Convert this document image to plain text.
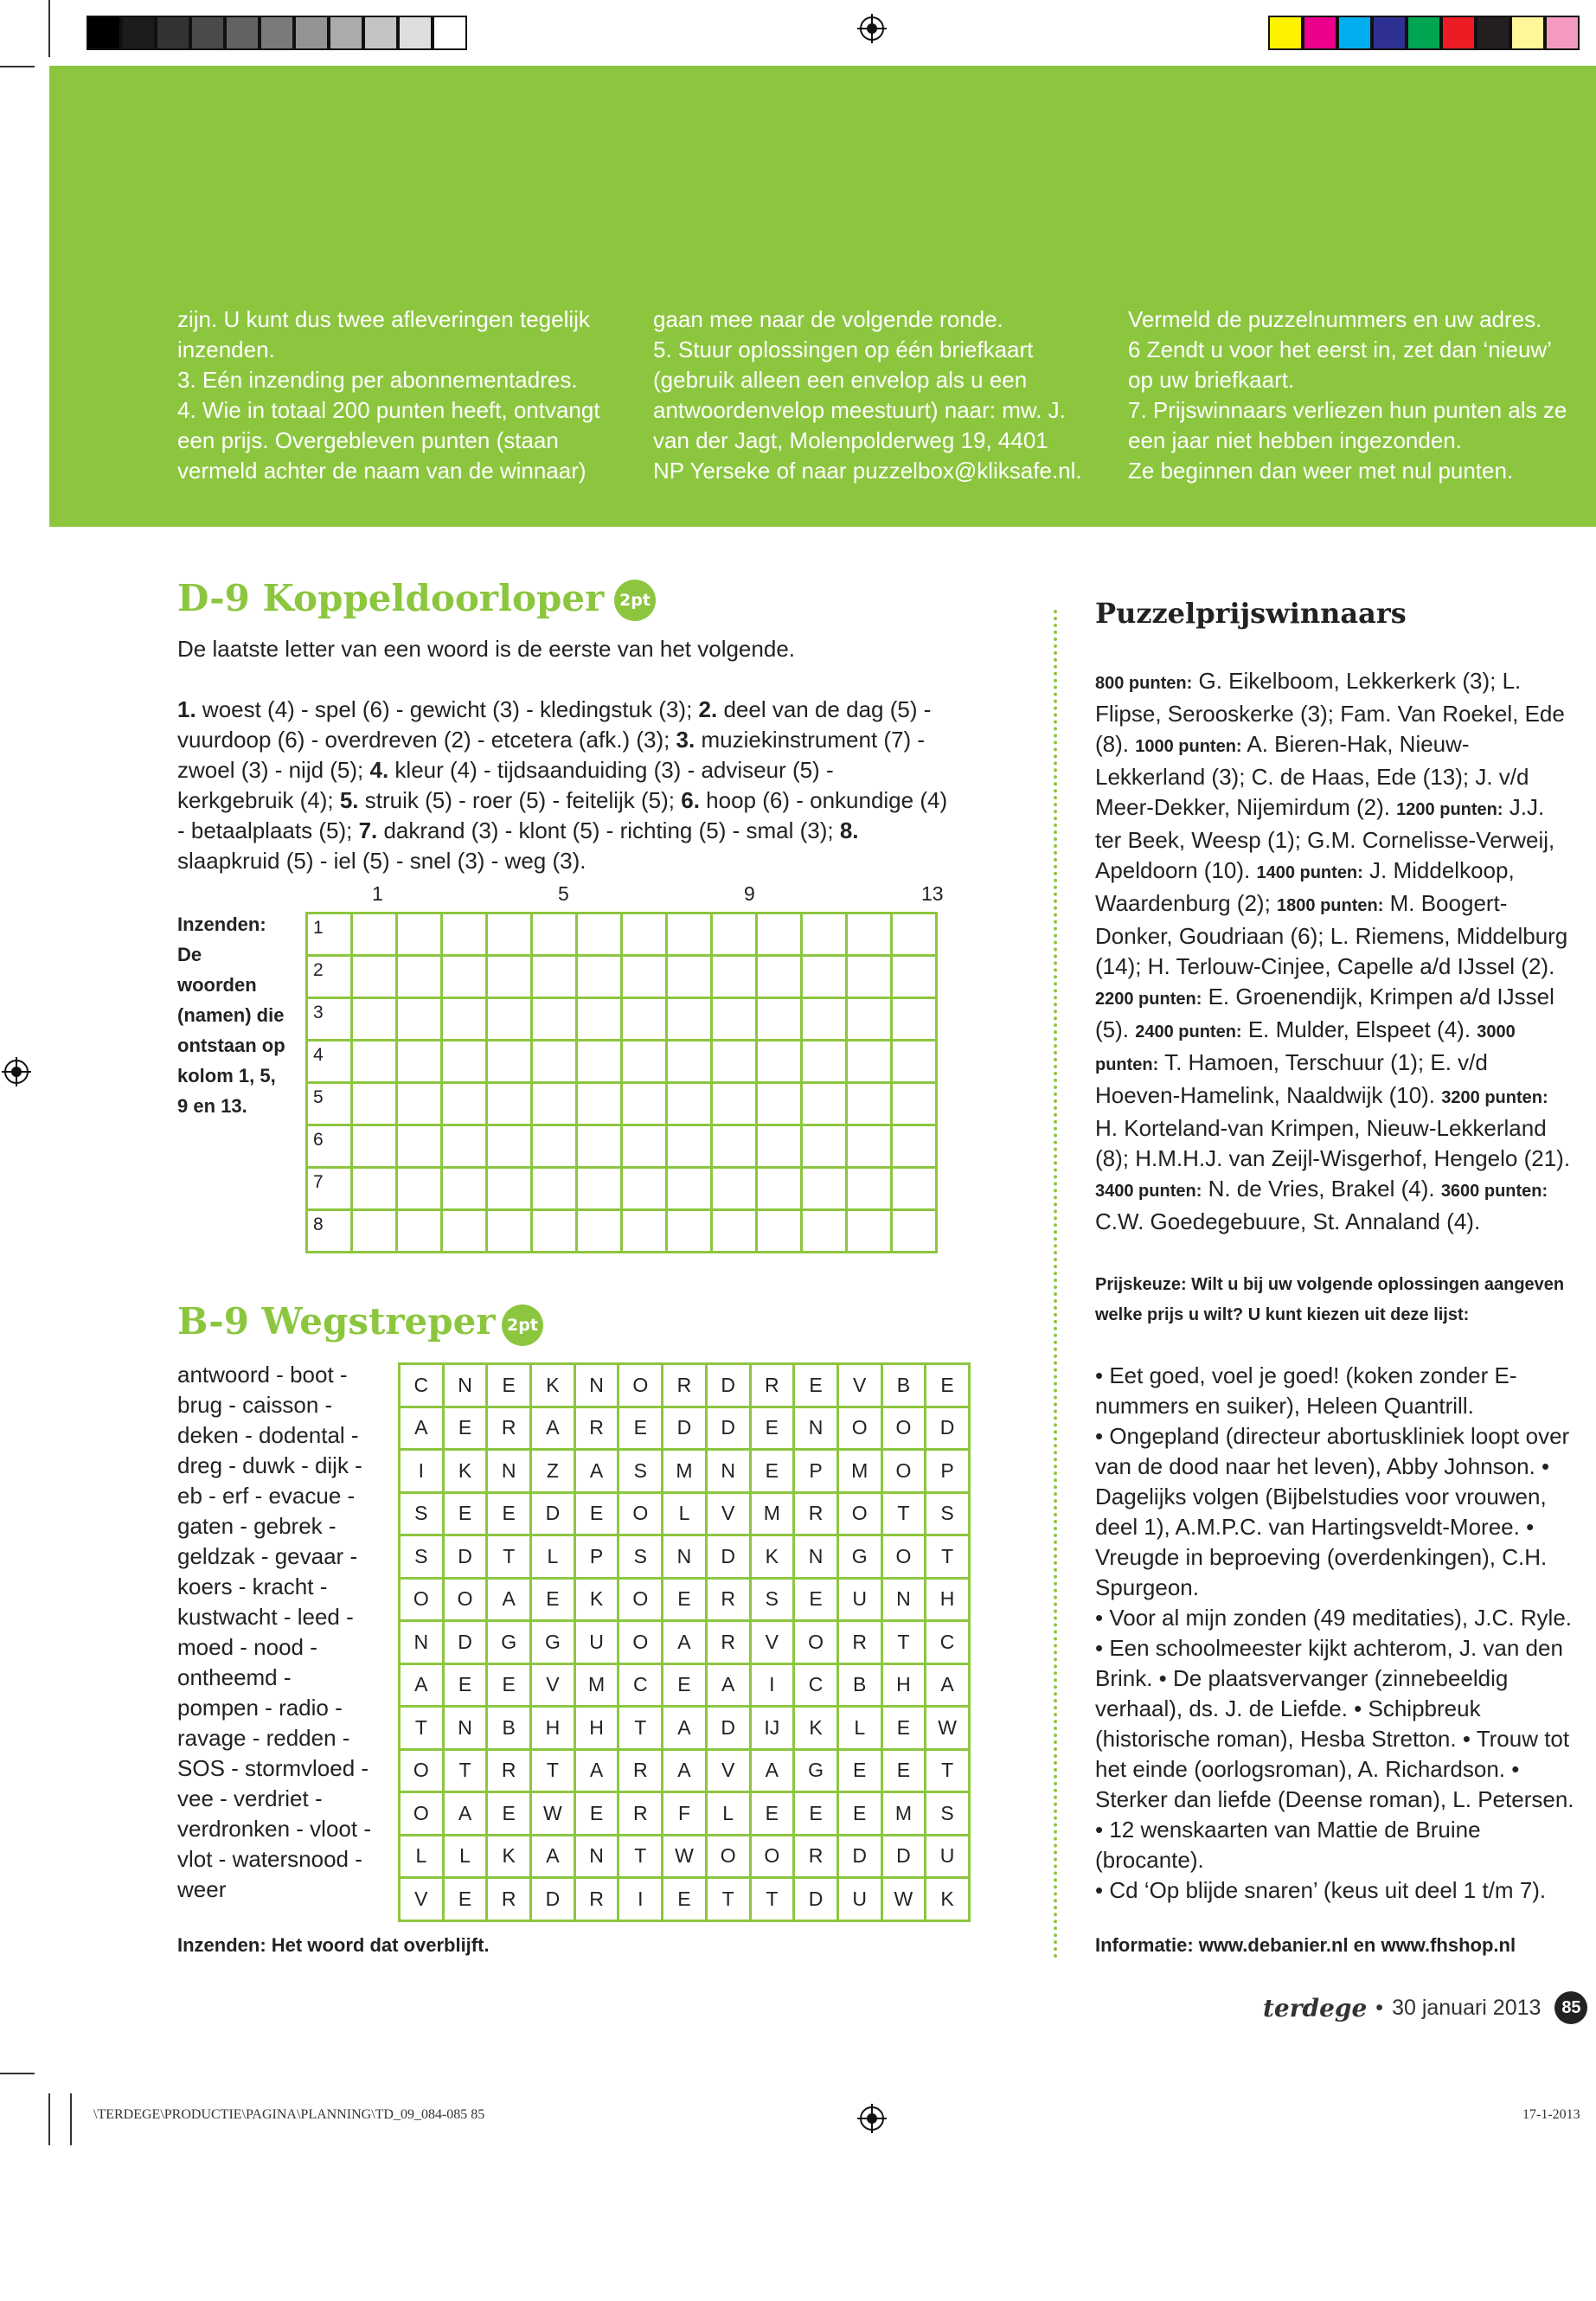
\TERDEGE\PRODUCTIE\PAGINA\PLANNING\TD_09_084-085 85	17-1-2013
zijn. U kunt dus twee afleveringen tegelijk
inzenden.
3. Eén inzending per abonnementadres.
4. Wie in totaal 200 punten heeft, ontvangt
een prijs. Overgebleven punten (staan
vermeld achter de naam van de winnaar)
gaan mee naar de volgende ronde.
5. Stuur oplossingen op één briefkaart
(gebruik alleen een envelop als u een
antwoordenvelop meestuurt) naar: mw. J.
van der Jagt, Molenpolderweg 19, 4401
NP Yerseke of naar puzzelbox@kliksafe.nl.
Vermeld de puzzelnummers en uw adres.
6 Zendt u voor het eerst in, zet dan ‘nieuw’
op uw briefkaart.
7. Prijswinnaars verliezen hun punten als ze
een jaar niet hebben ingezonden.
Ze beginnen dan weer met nul punten.
D-9 Koppeldoorloper 2pt
De laatste letter van een woord is de eerste van het volgende.
1. woest (4) - spel (6) - gewicht (3) - kledingstuk (3); 2. deel van de dag (5) - vuurdoop (6) - overdreven (2) - etcetera (afk.) (3); 3. muziekinstrument (7) - zwoel (3) - nijd (5); 4. kleur (4) - tijdsaanduiding (3) - adviseur (5) - kerkgebruik (4); 5. struik (5) - roer (5) - feitelijk (5); 6. hoop (6) - onkundige (4) - betaalplaats (5); 7. dakrand (3) - klont (5) - richting (5) - smal (3); 8. slaapkruid (5) - iel (5) - snel (3) - weg (3).
1	5	9	13
1													
2													
3													
4													
5													
6													
7													
8													
Inzenden: De woorden (namen) die ontstaan op kolom 1, 5, 9 en 13.
B-9 Wegstreper 2pt
antwoord - boot - brug - caisson - deken - dodental - dreg - duwk - dijk - eb - erf - evacue - gaten - gebrek - geldzak - gevaar - koers - kracht - kustwacht - leed - moed - nood - ontheemd - pompen - radio - ravage - redden - SOS - stormvloed - vee - verdriet - verdronken - vloot - vlot - watersnood - weer
C	N	E	K	N	O	R	D	R	E	V	B	E
A	E	R	A	R	E	D	D	E	N	O	O	D
I	K	N	Z	A	S	M	N	E	P	M	O	P
S	E	E	D	E	O	L	V	M	R	O	T	S
S	D	T	L	P	S	N	D	K	N	G	O	T
O	O	A	E	K	O	E	R	S	E	U	N	H
N	D	G	G	U	O	A	R	V	O	R	T	C
A	E	E	V	M	C	E	A	I	C	B	H	A
T	N	B	H	H	T	A	D	IJ	K	L	E	W
O	T	R	T	A	R	A	V	A	G	E	E	T
O	A	E	W	E	R	F	L	E	E	E	M	S
L	L	K	A	N	T	W	O	O	R	D	D	U
V	E	R	D	R	I	E	T	T	D	U	W	K
Inzenden: Het woord dat overblijft.
Puzzelprijswinnaars
800 punten: G. Eikelboom, Lekkerkerk (3); L. Flipse, Serooskerke (3); Fam. Van Roekel, Ede (8). 1000 punten: A. Bieren-Hak, Nieuw-Lekkerland (3); C. de Haas, Ede (13); J. v/d Meer-Dekker, Nijemirdum (2). 1200 punten: J.J. ter Beek, Weesp (1); G.M. Cornelisse-Verweij, Apeldoorn (10). 1400 punten: J. Middelkoop, Waardenburg (2); 1800 punten: M. Boogert-Donker, Goudriaan (6); L. Riemens, Middelburg (14); H. Terlouw-Cinjee, Capelle a/d IJssel (2). 2200 punten: E. Groenendijk, Krimpen a/d IJssel (5). 2400 punten: E. Mulder, Elspeet (4). 3000 punten: T. Hamoen, Terschuur (1); E. v/d Hoeven-Hamelink, Naaldwijk (10). 3200 punten: H. Korteland-van Krimpen, Nieuw-Lekkerland (8); H.M.H.J. van Zeijl-Wisgerhof, Hengelo (21). 3400 punten: N. de Vries, Brakel (4). 3600 punten: C.W. Goedegebuure, St. Annaland (4).
Prijskeuze: Wilt u bij uw volgende oplossingen aangeven welke prijs u wilt? U kunt kiezen uit deze lijst:
• Eet goed, voel je goed! (koken zonder E-nummers en suiker), Heleen Quantrill.
• Ongepland (directeur abortuskliniek loopt over van de dood naar het leven), Abby Johnson. • Dagelijks volgen (Bijbelstudies voor vrouwen, deel 1), A.M.P.C. van Hartingsveldt-Moree. • Vreugde in beproeving (overdenkingen), C.H. Spurgeon.
• Voor al mijn zonden (49 meditaties), J.C. Ryle. • Een schoolmeester kijkt achterom, J. van den Brink. • De plaatsvervanger (zinnebeeldig verhaal), ds. J. de Liefde. • Schipbreuk (historische roman), Hesba Stretton. • Trouw tot het einde (oorlogsroman), A. Richardson. • Sterker dan liefde (Deense roman), L. Petersen. • 12 wenskaarten van Mattie de Bruine (brocante).
• Cd ‘Op blijde snaren’ (keus uit deel 1 t/m 7).
Informatie: www.debanier.nl en www.fhshop.nl
terdege • 30 januari 2013	85
